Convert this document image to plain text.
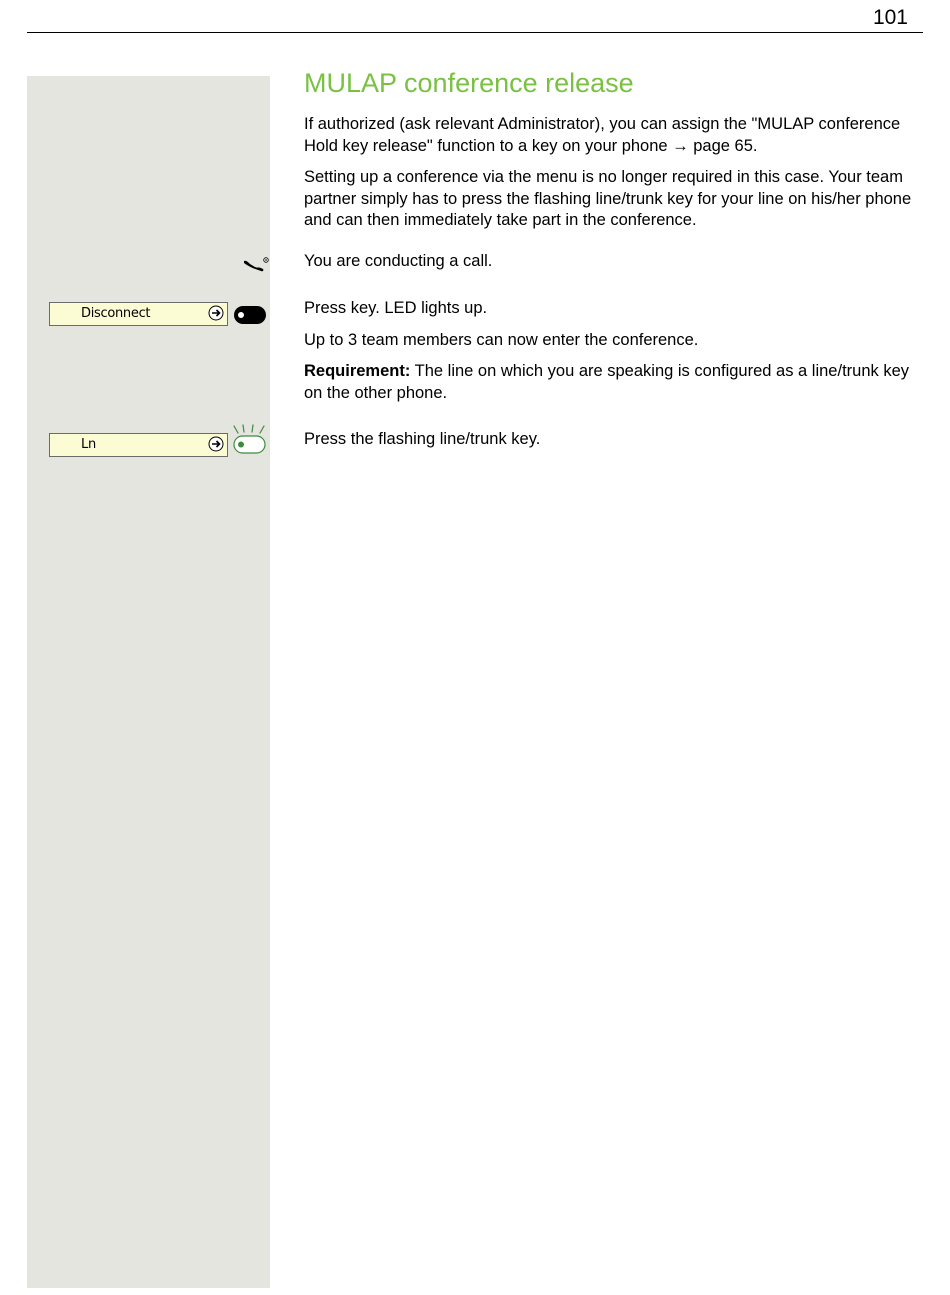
101
MULAP conference release

If authorized (ask relevant Administrator), you can assign the "MULAP conference Hold key release" function to a key on your phone → page 65.

Setting up a conference via the menu is no longer required in this case. Your team partner simply has to press the flashing line/trunk key for your line on his/her phone and can then immediately take part in the conference.

You are conducting a call.

Disconnect	Press key. LED lights up.

Up to 3 team members can now enter the conference.

Requirement: The line on which you are speaking is configured as a line/trunk key on the other phone.

Ln	Press the flashing line/trunk key.
